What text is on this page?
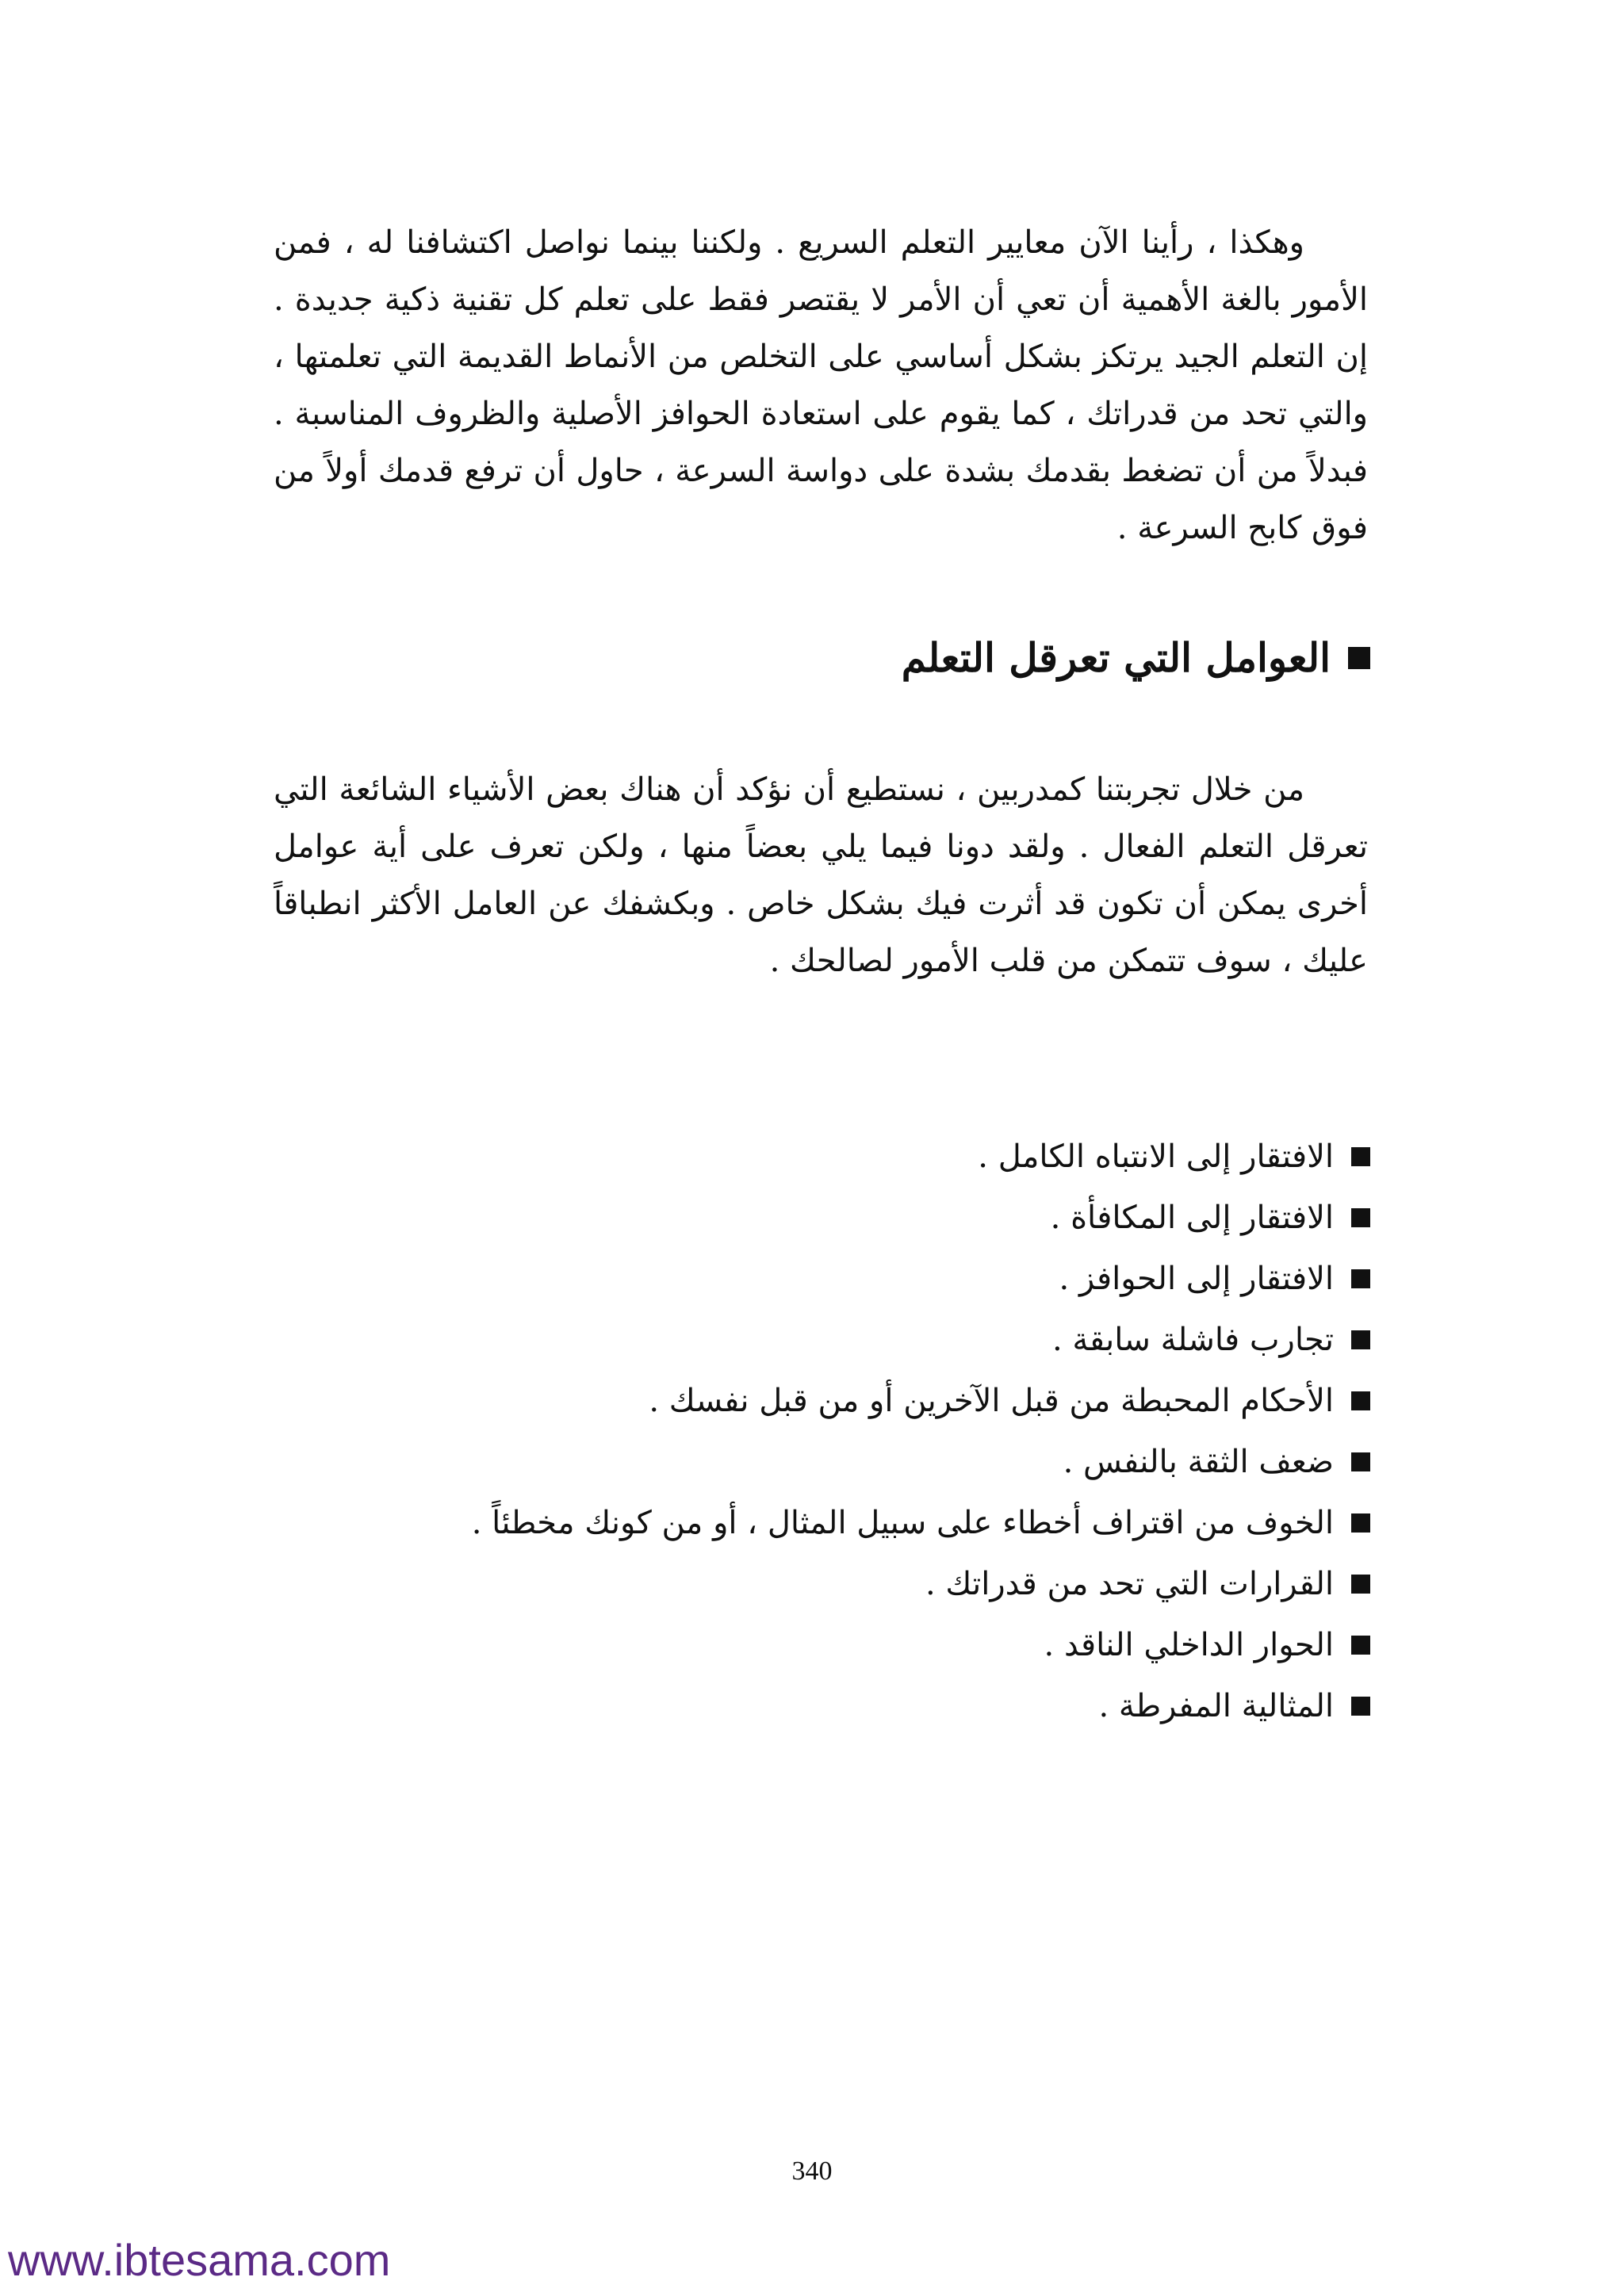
وهكذا ، رأينا الآن معايير التعلم السريع . ولكننا بينما نواصل اكتشافنا له ، فمن الأمور بالغة الأهمية أن تعي أن الأمر لا يقتصر فقط على تعلم كل تقنية ذكية جديدة . إن التعلم الجيد يرتكز بشكل أساسي على التخلص من الأنماط القديمة التي تعلمتها ، والتي تحد من قدراتك ، كما يقوم على استعادة الحوافز الأصلية والظروف المناسبة . فبدلاً من أن تضغط بقدمك بشدة على دواسة السرعة ، حاول أن ترفع قدمك أولاً من فوق كابح السرعة .

العوامل التي تعرقل التعلم

من خلال تجربتنا كمدربين ، نستطيع أن نؤكد أن هناك بعض الأشياء الشائعة التي تعرقل التعلم الفعال . ولقد دونا فيما يلي بعضاً منها ، ولكن تعرف على أية عوامل أخرى يمكن أن تكون قد أثرت فيك بشكل خاص . وبكشفك عن العامل الأكثر انطباقاً عليك ، سوف تتمكن من قلب الأمور لصالحك .

الافتقار إلى الانتباه الكامل .
الافتقار إلى المكافأة .
الافتقار إلى الحوافز .
تجارب فاشلة سابقة .
الأحكام المحبطة من قبل الآخرين أو من قبل نفسك .
ضعف الثقة بالنفس .
الخوف من اقتراف أخطاء على سبيل المثال ، أو من كونك مخطئاً .
القرارات التي تحد من قدراتك .
الحوار الداخلي الناقد .
المثالية المفرطة .
340
www.ibtesama.com
